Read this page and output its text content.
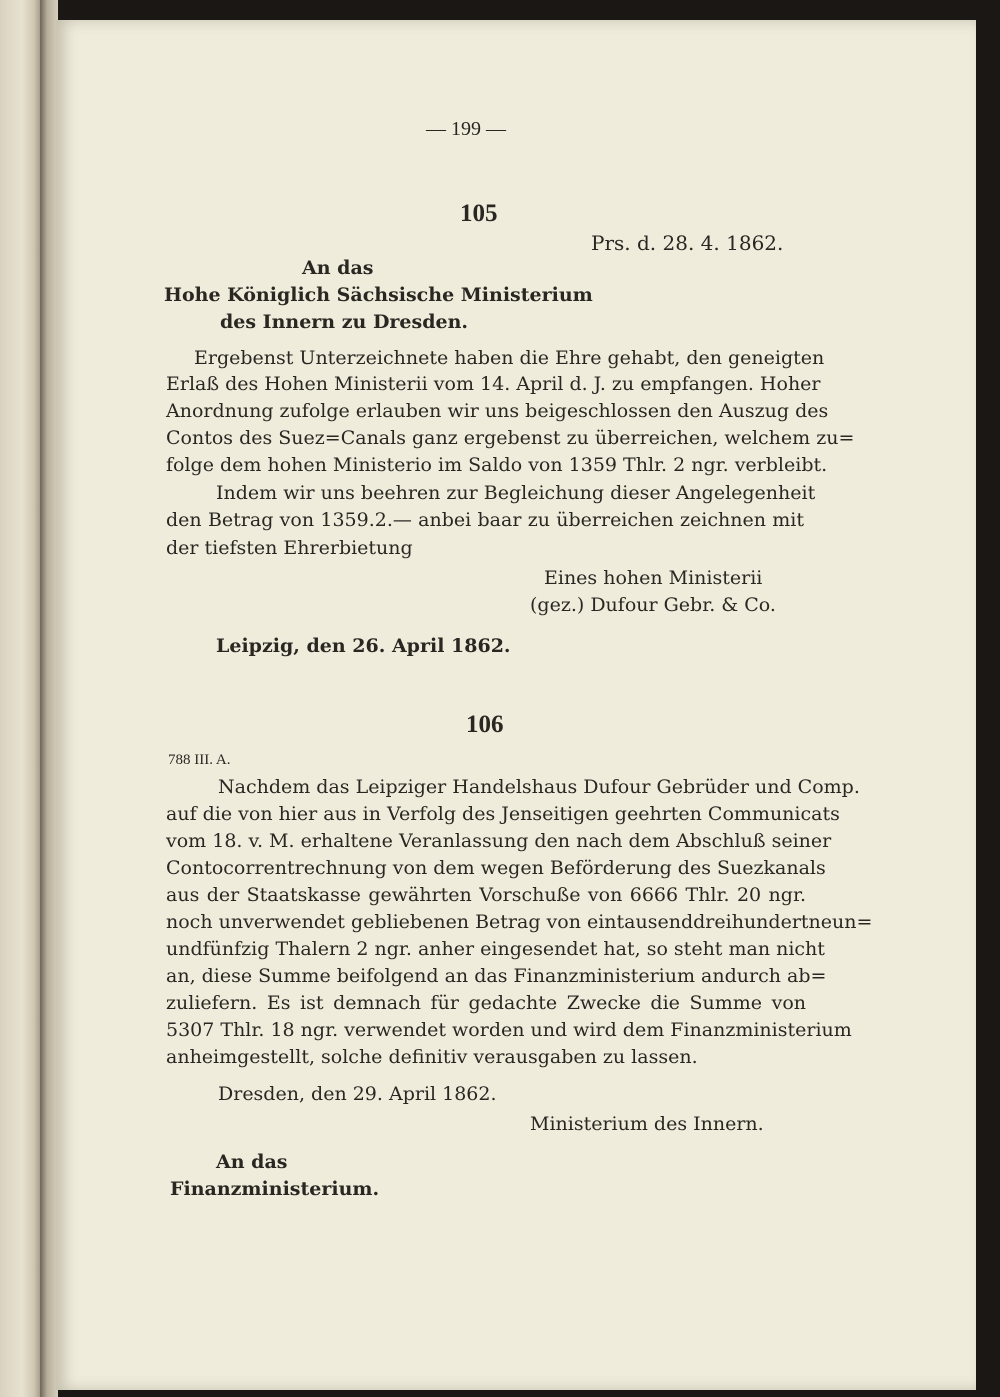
— 199 —
105
Prs. d. 28. 4. 1862.
An das
Hohe Königlich Sächsische Ministerium
des Innern zu Dresden.
Ergebenst Unterzeichnete haben die Ehre gehabt, den geneigten
Erlaß des Hohen Ministerii vom 14. April d. J. zu empfangen. Hoher
Anordnung zufolge erlauben wir uns beigeschlossen den Auszug des
Contos des Suez=Canals ganz ergebenst zu überreichen, welchem zu=
folge dem hohen Ministerio im Saldo von 1359 Thlr. 2 ngr. verbleibt.
Indem wir uns beehren zur Begleichung dieser Angelegenheit
den Betrag von 1359.2.— anbei baar zu überreichen zeichnen mit
der tiefsten Ehrerbietung
Eines hohen Ministerii
(gez.) Dufour Gebr. & Co.
Leipzig, den 26. April 1862.
106
788 III. A.
Nachdem das Leipziger Handelshaus Dufour Gebrüder und Comp.
auf die von hier aus in Verfolg des Jenseitigen geehrten Communicats
vom 18. v. M. erhaltene Veranlassung den nach dem Abschluß seiner
Contocorrentrechnung von dem wegen Beförderung des Suezkanals
aus der Staatskasse gewährten Vorschuße von 6666 Thlr. 20 ngr.
noch unverwendet gebliebenen Betrag von eintausenddreihundertneun=
undfünfzig Thalern 2 ngr. anher eingesendet hat, so steht man nicht
an, diese Summe beifolgend an das Finanzministerium andurch ab=
zuliefern. Es ist demnach für gedachte Zwecke die Summe von
5307 Thlr. 18 ngr. verwendet worden und wird dem Finanzministerium
anheimgestellt, solche definitiv verausgaben zu lassen.
Dresden, den 29. April 1862.
Ministerium des Innern.
An das
Finanzministerium.
